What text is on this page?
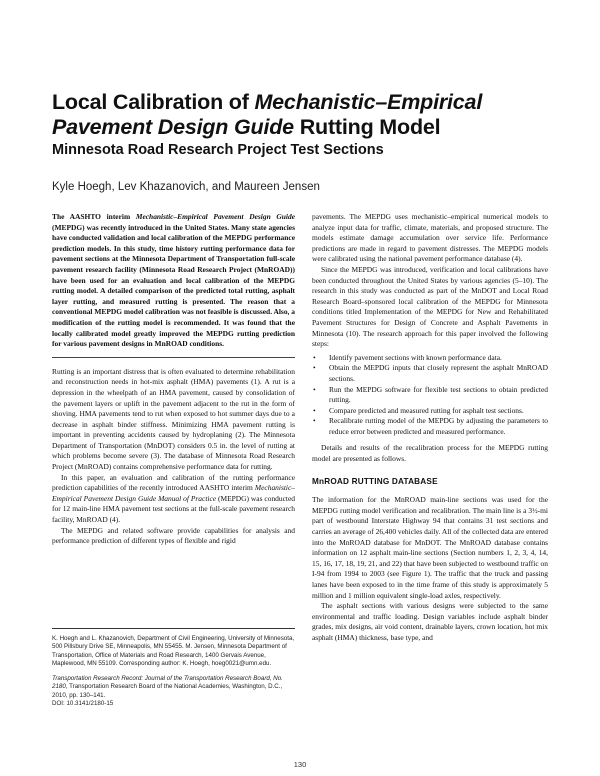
Local Calibration of Mechanistic–Empirical
Pavement Design Guide Rutting Model
Minnesota Road Research Project Test Sections
Kyle Hoegh, Lev Khazanovich, and Maureen Jensen

The AASHTO interim Mechanistic–Empirical Pavement Design Guide (MEPDG) was recently introduced in the United States. Many state agencies have conducted validation and local calibration of the MEPDG performance prediction models. In this study, time history rutting performance data for pavement sections at the Minnesota Department of Transportation full-scale pavement research facility (Minnesota Road Research Project (MnROAD)) have been used for an evaluation and local calibration of the MEPDG rutting model. A detailed comparison of the predicted total rutting, asphalt layer rutting, and measured rutting is presented. The reason that a conventional MEPDG model calibration was not feasible is discussed. Also, a modification of the rutting model is recommended. It was found that the locally calibrated model greatly improved the MEPDG rutting prediction for various pavement designs in MnROAD conditions.

Rutting is an important distress that is often evaluated to determine rehabilitation and reconstruction needs in hot-mix asphalt (HMA) pavements (1). A rut is a depression in the wheelpath of an HMA pavement, caused by consolidation of the pavement layers or uplift in the pavement adjacent to the rut in the form of shoving. HMA pavements tend to rut when exposed to hot summer days due to a decrease in asphalt binder stiffness. Minimizing HMA pavement rutting is important in preventing accidents caused by hydroplaning (2). The Minnesota Department of Transportation (MnDOT) considers 0.5 in. the level of rutting at which problems become severe (3). The database of Minnesota Road Research Project (MnROAD) contains comprehensive performance data for rutting.

In this paper, an evaluation and calibration of the rutting performance prediction capabilities of the recently introduced AASHTO interim Mechanistic–Empirical Pavement Design Guide Manual of Practice (MEPDG) was conducted for 12 main-line HMA pavement test sections at the full-scale pavement research facility, MnROAD (4).

The MEPDG and related software provide capabilities for analysis and performance prediction of different types of flexible and rigid

pavements. The MEPDG uses mechanistic–empirical numerical models to analyze input data for traffic, climate, materials, and proposed structure. The models estimate damage accumulation over service life. Performance predictions are made in regard to pavement distresses. The MEPDG models were calibrated using the national pavement performance database (4).

Since the MEPDG was introduced, verification and local calibrations have been conducted throughout the United States by various agencies (5–10). The research in this study was conducted as part of the MnDOT and Local Road Research Board–sponsored local calibration of the MEPDG for Minnesota conditions titled Implementation of the MEPDG for New and Rehabilitated Pavement Structures for Design of Concrete and Asphalt Pavements in Minnesota (10). The research approach for this paper involved the following steps:

•	Identify pavement sections with known performance data.
•	Obtain the MEPDG inputs that closely represent the asphalt MnROAD sections.
•	Run the MEPDG software for flexible test sections to obtain predicted rutting.
•	Compare predicted and measured rutting for asphalt test sections.
•	Recalibrate rutting model of the MEPDG by adjusting the parameters to reduce error between predicted and measured performance.

Details and results of the recalibration process for the MEPDG rutting model are presented as follows.

MnROAD RUTTING DATABASE

The information for the MnROAD main-line sections was used for the MEPDG rutting model verification and recalibration. The main line is a 3½-mi part of westbound Interstate Highway 94 that contains 31 test sections and carries an average of 26,400 vehicles daily. All of the collected data are entered into the MnROAD database for MnDOT. The MnROAD database contains information on 12 asphalt main-line sections (Section numbers 1, 2, 3, 4, 14, 15, 16, 17, 18, 19, 21, and 22) that have been subjected to westbound traffic on I-94 from 1994 to 2003 (see Figure 1). The traffic that the truck and passing lanes have been exposed to in the time frame of this study is approximately 5 million and 1 million equivalent single-load axles, respectively.

The asphalt sections with various designs were subjected to the same environmental and traffic loading. Design variables include asphalt binder grades, mix designs, air void content, drainable layers, crown location, hot mix asphalt (HMA) thickness, base type, and

K. Hoegh and L. Khazanovich, Department of Civil Engineering, University of Minnesota, 500 Pillsbury Drive SE, Minneapolis, MN 55455. M. Jensen, Minnesota Department of Transportation, Office of Materials and Road Research, 1400 Gervais Avenue, Maplewood, MN 55109. Corresponding author: K. Hoegh, hoeg0021@umn.edu.

Transportation Research Record: Journal of the Transportation Research Board, No. 2180, Transportation Research Board of the National Academies, Washington, D.C., 2010, pp. 130–141.

DOI: 10.3141/2180-15

130
